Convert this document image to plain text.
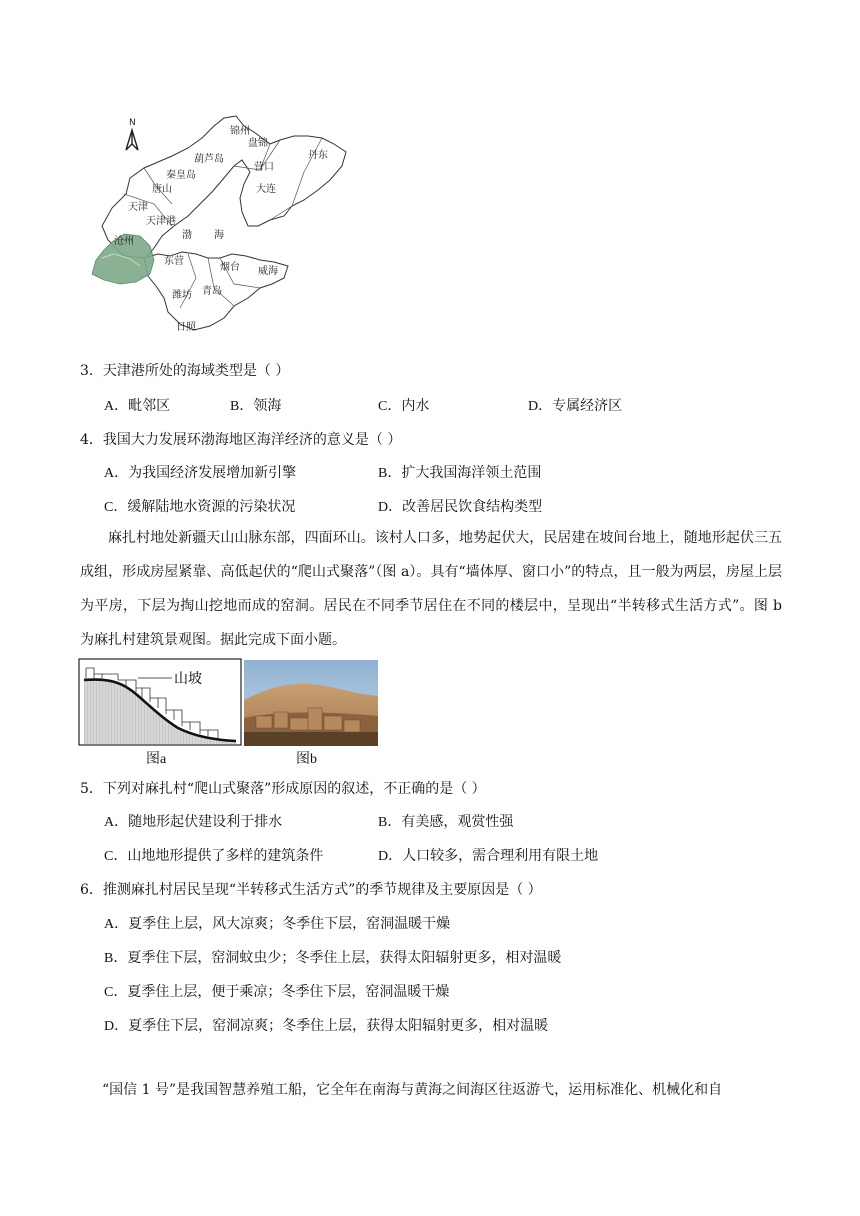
N
锦州
盘锦
营口
丹东
葫芦岛
秦皇岛
唐山	大连
天津
天津港
渤 海
沧州
东营
烟台 威海
潍坊 青岛
日照
3．天津港所处的海域类型是（ ）
A．毗邻区	B．领海	C．内水	D．专属经济区
4．我国大力发展环渤海地区海洋经济的意义是（ ）
A．为我国经济发展增加新引擎	B．扩大我国海洋领土范围
C．缓解陆地水资源的污染状况	D．改善居民饮食结构类型
麻扎村地处新疆天山山脉东部，四面环山。该村人口多，地势起伏大，民居建在坡间台地上，随地形起伏三五成组，形成房屋紧靠、高低起伏的“爬山式聚落”（图 a）。具有“墙体厚、窗口小”的特点，且一般为两层，房屋上层为平房，下层为掏山挖地而成的窑洞。居民在不同季节居住在不同的楼层中，呈现出“半转移式生活方式”。图 b 为麻扎村建筑景观图。据此完成下面小题。
山坡
图a	图b
5．下列对麻扎村“爬山式聚落”形成原因的叙述，不正确的是（ ）
A．随地形起伏建设利于排水	B．有美感，观赏性强
C．山地地形提供了多样的建筑条件	D．人口较多，需合理利用有限土地
6．推测麻扎村居民呈现“半转移式生活方式”的季节规律及主要原因是（ ）
A．夏季住上层，风大凉爽；冬季住下层，窑洞温暖干燥
B．夏季住下层，窑洞蚊虫少；冬季住上层，获得太阳辐射更多，相对温暖
C．夏季住上层，便于乘凉；冬季住下层，窑洞温暖干燥
D．夏季住下层，窑洞凉爽；冬季住上层，获得太阳辐射更多，相对温暖
“国信 1 号”是我国智慧养殖工船，它全年在南海与黄海之间海区往返游弋，运用标准化、机械化和自
